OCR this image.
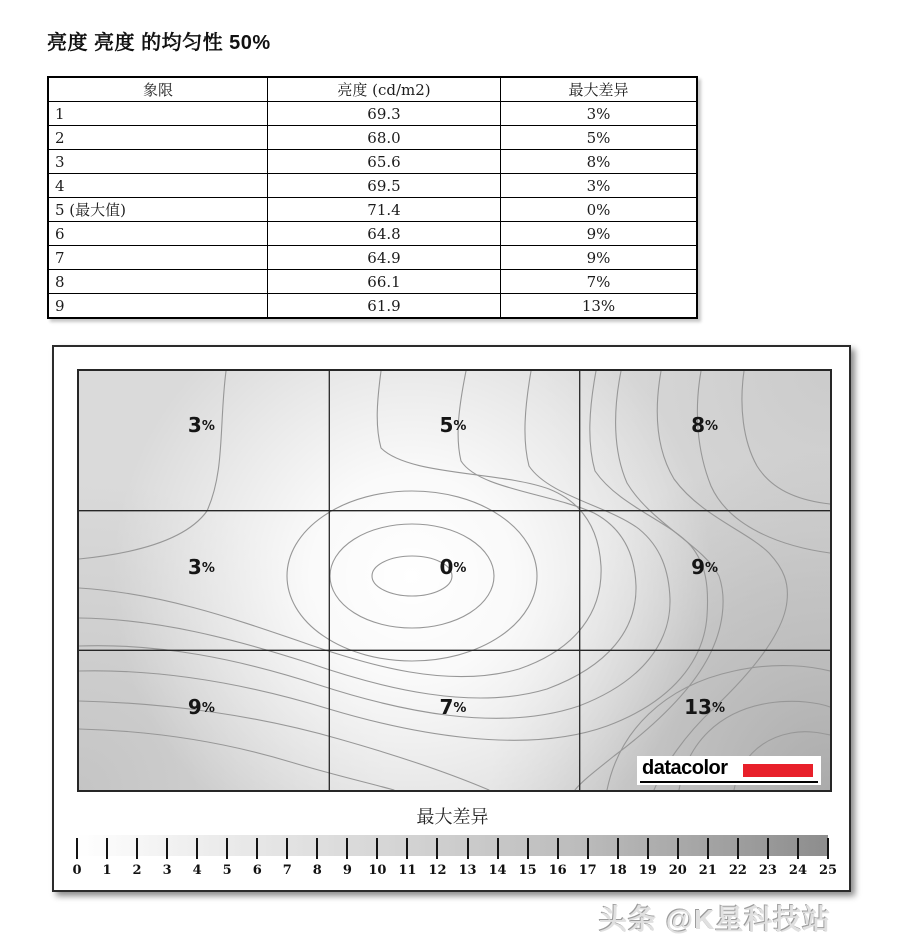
亮度 亮度 的均匀性 50%
象限	亮度 (cd/m2)	最大差异
1	69.3	3%
2	68.0	5%
3	65.6	8%
4	69.5	3%
5 (最大值)	71.4	0%
6	64.8	9%
7	64.9	9%
8	66.1	7%
9	61.9	13%
3%	5%	8%
3%	0%	9%
9%	7%	13%
datacolor
最大差异
0 1 2 3 4 5 6 7 8 9 10 11 12 13 14 15 16 17 18 19 20 21 22 23 24 25
头条 @K星科技站
